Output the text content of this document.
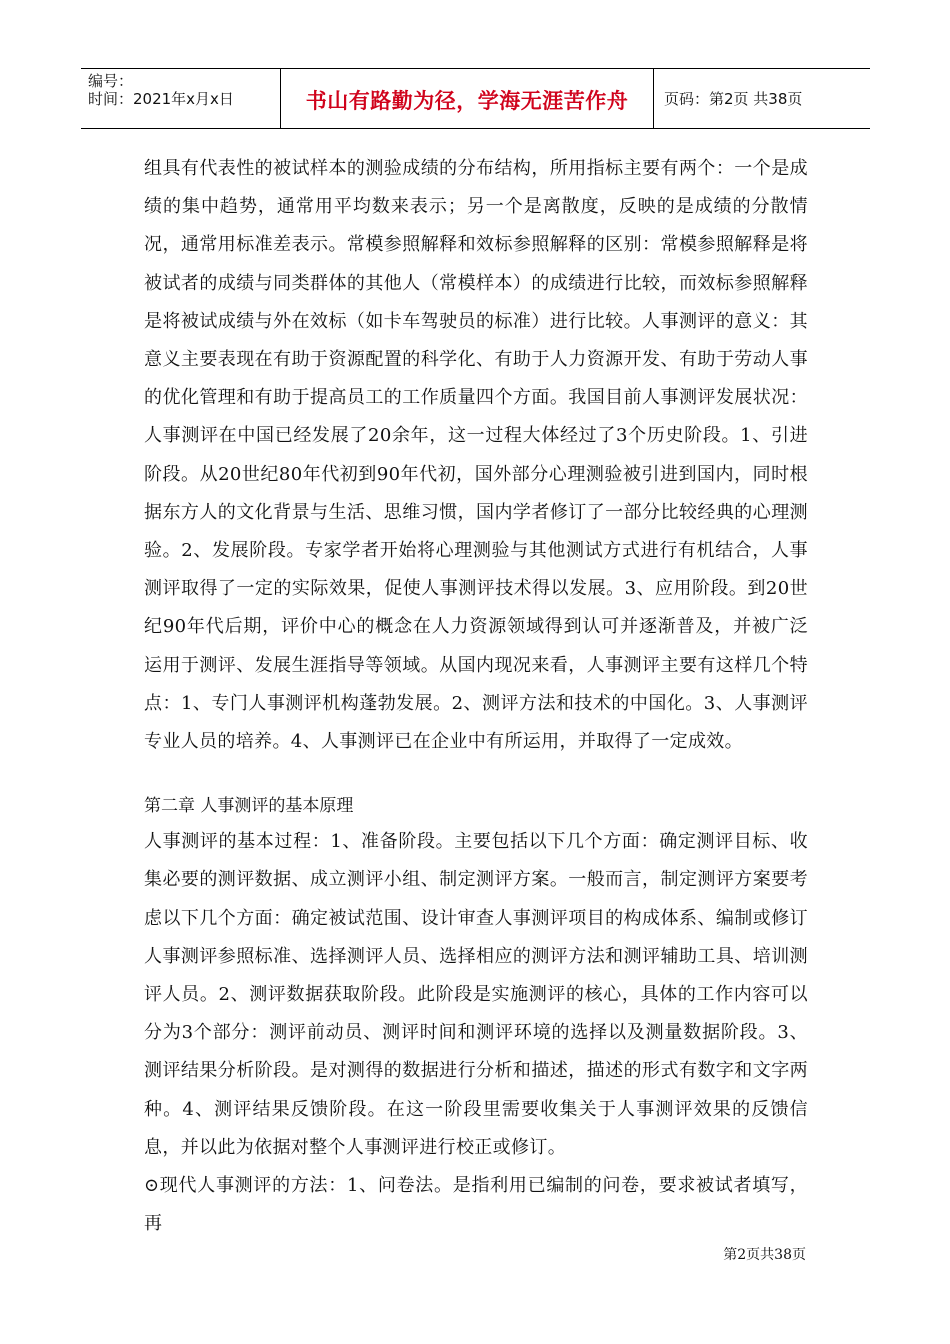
编号：
时间：2021年x月x日	书山有路勤为径，学海无涯苦作舟	页码：第2页 共38页

组具有代表性的被试样本的测验成绩的分布结构，所用指标主要有两个：一个是成绩的集中趋势，通常用平均数来表示；另一个是离散度，反映的是成绩的分散情况，通常用标准差表示。常模参照解释和效标参照解释的区别：常模参照解释是将被试者的成绩与同类群体的其他人（常模样本）的成绩进行比较，而效标参照解释是将被试成绩与外在效标（如卡车驾驶员的标准）进行比较。人事测评的意义：其意义主要表现在有助于资源配置的科学化、有助于人力资源开发、有助于劳动人事的优化管理和有助于提高员工的工作质量四个方面。我国目前人事测评发展状况：人事测评在中国已经发展了20余年，这一过程大体经过了3个历史阶段。1、引进阶段。从20世纪80年代初到90年代初，国外部分心理测验被引进到国内，同时根据东方人的文化背景与生活、思维习惯，国内学者修订了一部分比较经典的心理测验。2、发展阶段。专家学者开始将心理测验与其他测试方式进行有机结合，人事测评取得了一定的实际效果，促使人事测评技术得以发展。3、应用阶段。到20世纪90年代后期，评价中心的概念在人力资源领域得到认可并逐渐普及，并被广泛运用于测评、发展生涯指导等领域。从国内现况来看，人事测评主要有这样几个特点：1、专门人事测评机构蓬勃发展。2、测评方法和技术的中国化。3、人事测评专业人员的培养。4、人事测评已在企业中有所运用，并取得了一定成效。

第二章 人事测评的基本原理

人事测评的基本过程：1、准备阶段。主要包括以下几个方面：确定测评目标、收集必要的测评数据、成立测评小组、制定测评方案。一般而言，制定测评方案要考虑以下几个方面：确定被试范围、设计审查人事测评项目的构成体系、编制或修订人事测评参照标准、选择测评人员、选择相应的测评方法和测评辅助工具、培训测评人员。2、测评数据获取阶段。此阶段是实施测评的核心，具体的工作内容可以分为3个部分：测评前动员、测评时间和测评环境的选择以及测量数据阶段。3、测评结果分析阶段。是对测得的数据进行分析和描述，描述的形式有数字和文字两种。4、测评结果反馈阶段。在这一阶段里需要收集关于人事测评效果的反馈信息，并以此为依据对整个人事测评进行校正或修订。

⊙现代人事测评的方法：1、问卷法。是指利用已编制的问卷，要求被试者填写，再

第2页共38页
